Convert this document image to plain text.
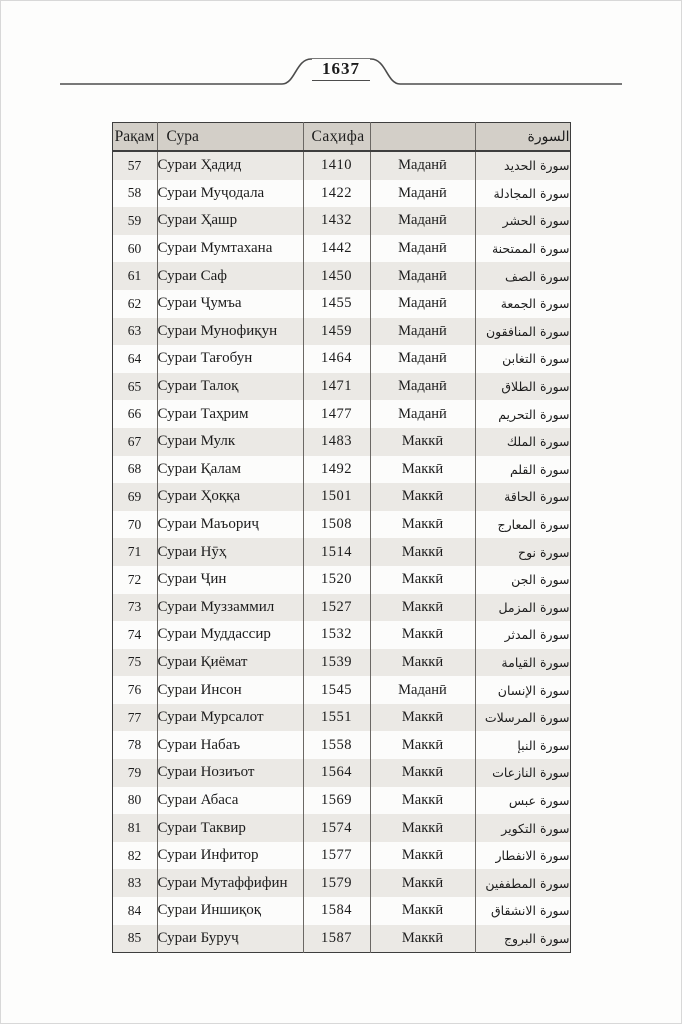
1637
Рақам	Сура	Саҳифа		السورة
57	Сураи Ҳадид	1410	Маданӣ	سورة الحديد
58	Сураи Муҷодала	1422	Маданӣ	سورة المجادلة
59	Сураи Ҳашр	1432	Маданӣ	سورة الحشر
60	Сураи Мумтахана	1442	Маданӣ	سورة الممتحنة
61	Сураи Саф	1450	Маданӣ	سورة الصف
62	Сураи Ҷумъа	1455	Маданӣ	سورة الجمعة
63	Сураи Мунофиқун	1459	Маданӣ	سورة المنافقون
64	Сураи Тағобун	1464	Маданӣ	سورة التغابن
65	Сураи Талоқ	1471	Маданӣ	سورة الطلاق
66	Сураи Таҳрим	1477	Маданӣ	سورة التحريم
67	Сураи Мулк	1483	Маккӣ	سورة الملك
68	Сураи Қалам	1492	Маккӣ	سورة القلم
69	Сураи Ҳоққа	1501	Маккӣ	سورة الحاقة
70	Сураи Маъориҷ	1508	Маккӣ	سورة المعارج
71	Сураи Нӯҳ	1514	Маккӣ	سورة نوح
72	Сураи Ҷин	1520	Маккӣ	سورة الجن
73	Сураи Муззаммил	1527	Маккӣ	سورة المزمل
74	Сураи Муддассир	1532	Маккӣ	سورة المدثر
75	Сураи Қиёмат	1539	Маккӣ	سورة القيامة
76	Сураи Инсон	1545	Маданӣ	سورة الإنسان
77	Сураи Мурсалот	1551	Маккӣ	سورة المرسلات
78	Сураи Набаъ	1558	Маккӣ	سورة النبإ
79	Сураи Нозиъот	1564	Маккӣ	سورة النازعات
80	Сураи Абаса	1569	Маккӣ	سورة عبس
81	Сураи Таквир	1574	Маккӣ	سورة التكوير
82	Сураи Инфитор	1577	Маккӣ	سورة الانفطار
83	Сураи Мутаффифин	1579	Маккӣ	سورة المطففين
84	Сураи Иншиқоқ	1584	Маккӣ	سورة الانشقاق
85	Сураи Буруҷ	1587	Маккӣ	سورة البروج
